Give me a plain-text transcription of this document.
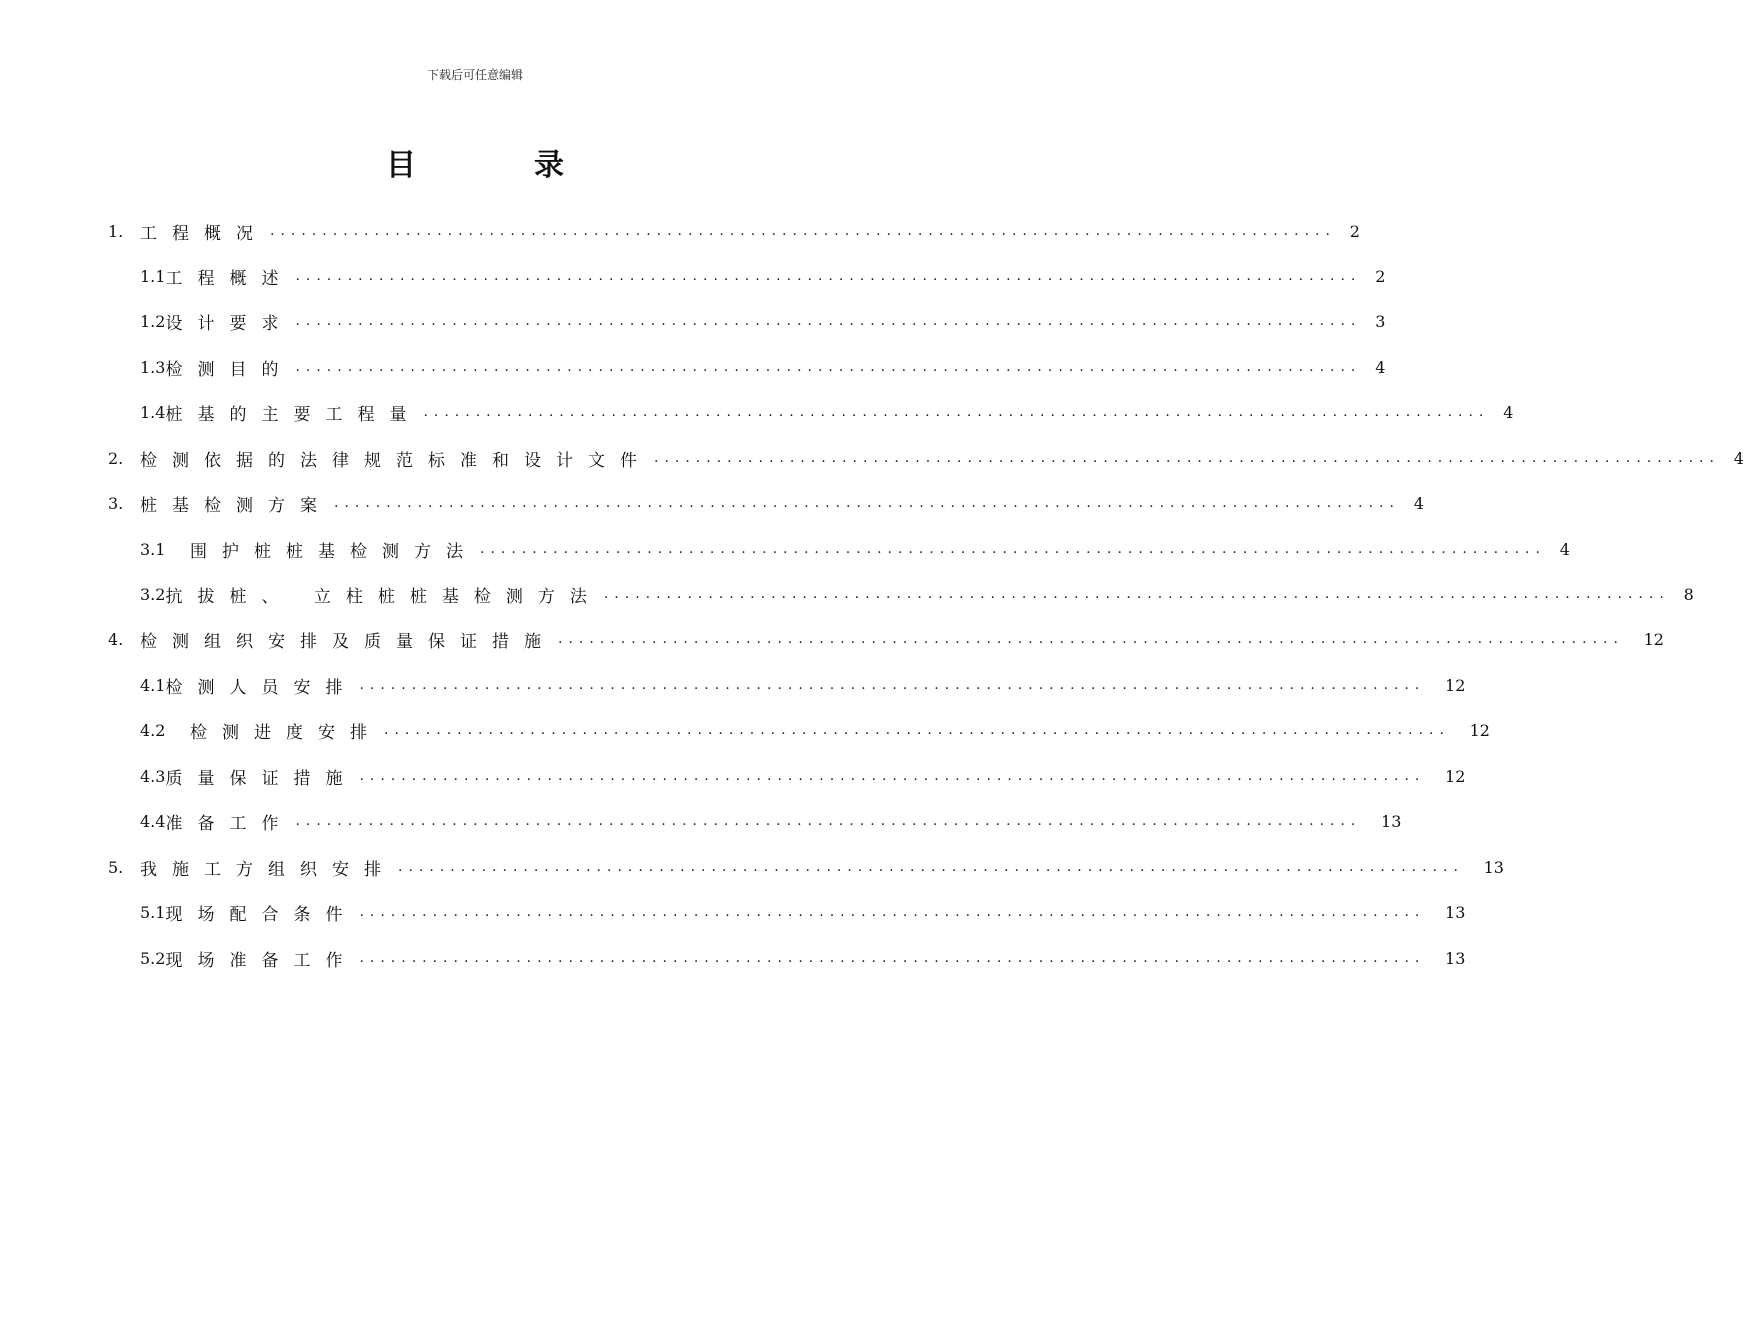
下载后可任意编辑
目　录
1. 工程概况 ...................................................................................................... 2
1.1 工程概述 ...................................................................................................... 2
1.2 设计要求 ...................................................................................................... 3
1.3 检测目的 ...................................................................................................... 4
1.4 桩基的主要工程量 ...................................................................................................... 4
2. 检测依据的法律规范标准和设计文件 ...................................................................................................... 4
3. 桩基检测方案 ...................................................................................................... 4
3.1	围护桩桩基检测方法 ...................................................................................................... 4
3.2 抗拔桩、 立柱桩桩基检测方法 ...................................................................................................... 8
4. 检测组织安排及质量保证措施 ......................................................................................................	12
4.1 检测人员安排 ......................................................................................................	12
4.2	检测进度安排 ......................................................................................................	12
4.3 质量保证措施 ......................................................................................................	12
4.4 准备工作 ......................................................................................................	13
5. 我施工方组织安排 ......................................................................................................	13
5.1 现场配合条件 ......................................................................................................	13
5.2 现场准备工作 ......................................................................................................	13
